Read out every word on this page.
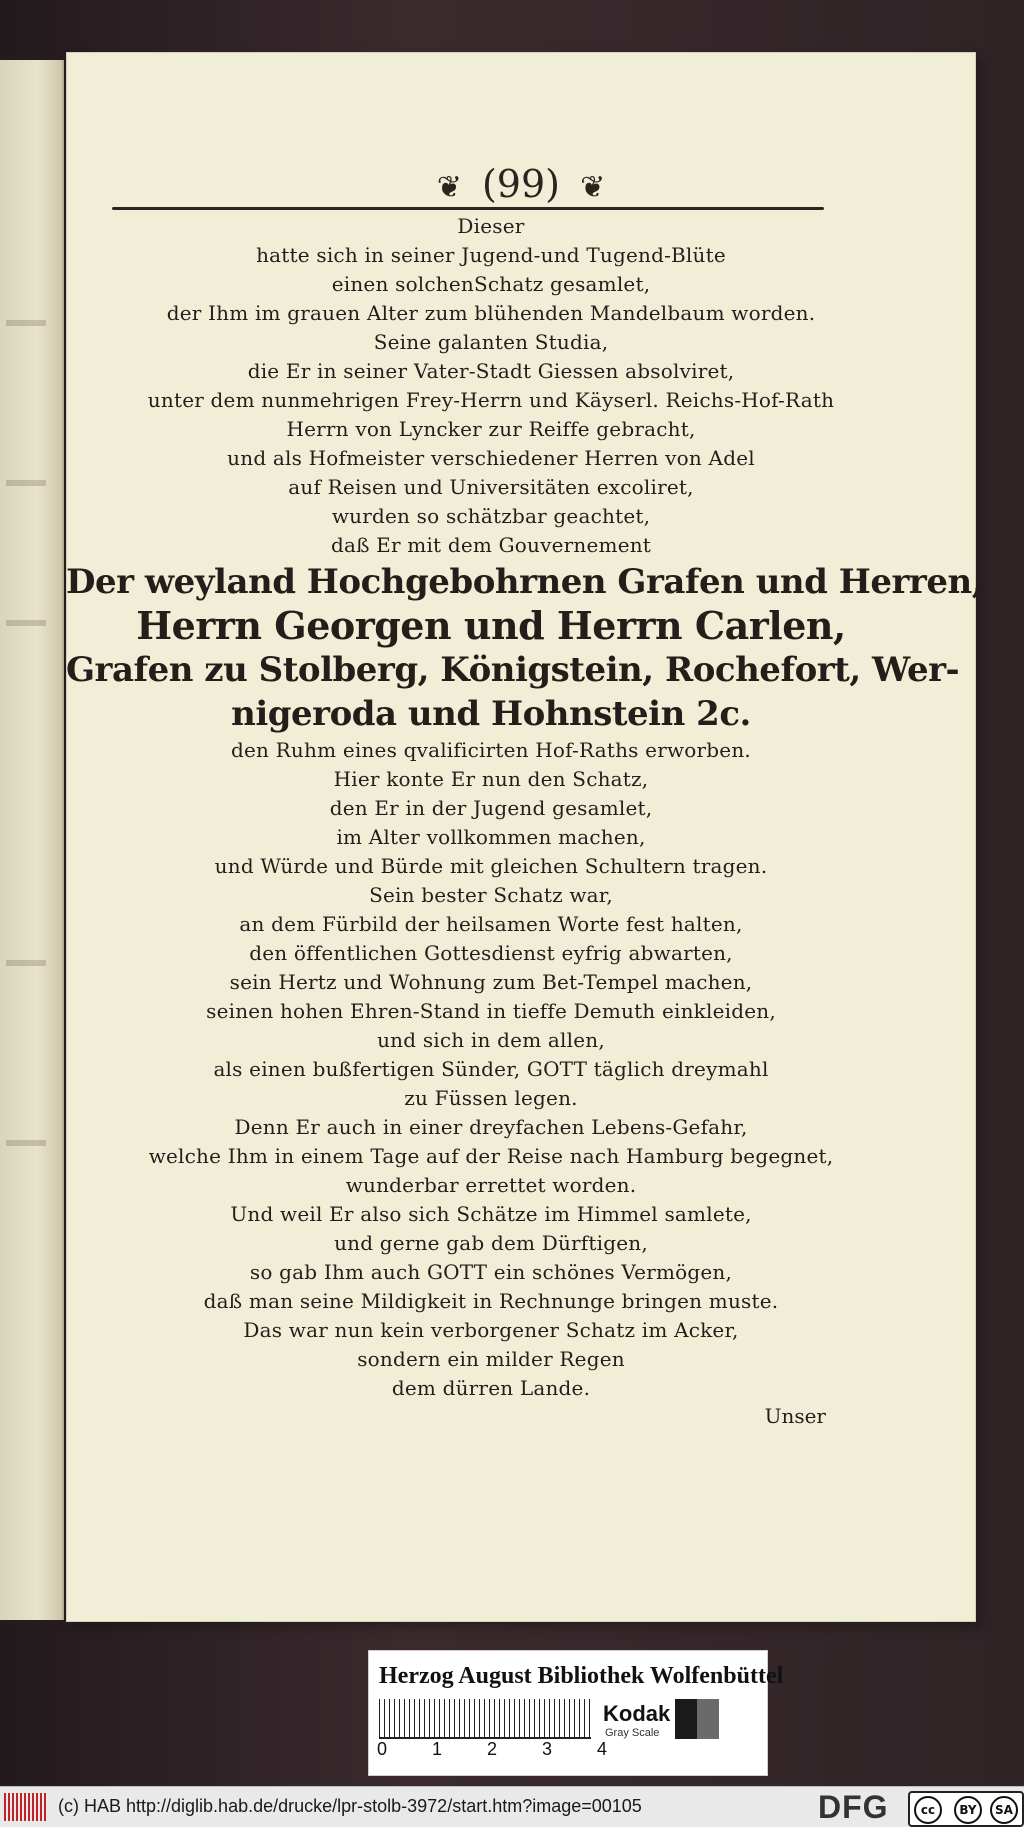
❦ (99) ❦
Dieser
hatte sich in seiner Jugend-und Tugend-Blüte
einen solchenSchatz gesamlet,
der Ihm im grauen Alter zum blühenden Mandelbaum worden.
Seine galanten Studia,
die Er in seiner Vater-Stadt Giessen absolviret,
unter dem nunmehrigen Frey-Herrn und Käyserl. Reichs-Hof-Rath
Herrn von Lyncker zur Reiffe gebracht,
und als Hofmeister verschiedener Herren von Adel
auf Reisen und Universitäten excoliret,
wurden so schätzbar geachtet,
daß Er mit dem Gouvernement
Der weyland Hochgebohrnen Grafen und Herren,
Herrn Georgen und Herrn Carlen,
Grafen zu Stolberg, Königstein, Rochefort, Wer-
nigeroda und Hohnstein 2c.
den Ruhm eines qvalificirten Hof-Raths erworben.
Hier konte Er nun den Schatz,
den Er in der Jugend gesamlet,
im Alter vollkommen machen,
und Würde und Bürde mit gleichen Schultern tragen.
Sein bester Schatz war,
an dem Fürbild der heilsamen Worte fest halten,
den öffentlichen Gottesdienst eyfrig abwarten,
sein Hertz und Wohnung zum Bet-Tempel machen,
seinen hohen Ehren-Stand in tieffe Demuth einkleiden,
und sich in dem allen,
als einen bußfertigen Sünder, GOTT täglich dreymahl
zu Füssen legen.
Denn Er auch in einer dreyfachen Lebens-Gefahr,
welche Ihm in einem Tage auf der Reise nach Hamburg begegnet,
wunderbar errettet worden.
Und weil Er also sich Schätze im Himmel samlete,
und gerne gab dem Dürftigen,
so gab Ihm auch GOTT ein schönes Vermögen,
daß man seine Mildigkeit in Rechnunge bringen muste.
Das war nun kein verborgener Schatz im Acker,
sondern ein milder Regen
dem dürren Lande.
Unser
Herzog August Bibliothek Wolfenbüttel
0 1 2 3 4
Kodak
Gray Scale
(c) HAB http://diglib.hab.de/drucke/lpr-stolb-3972/start.htm?image=00105	DFG	cc	BY	SA
